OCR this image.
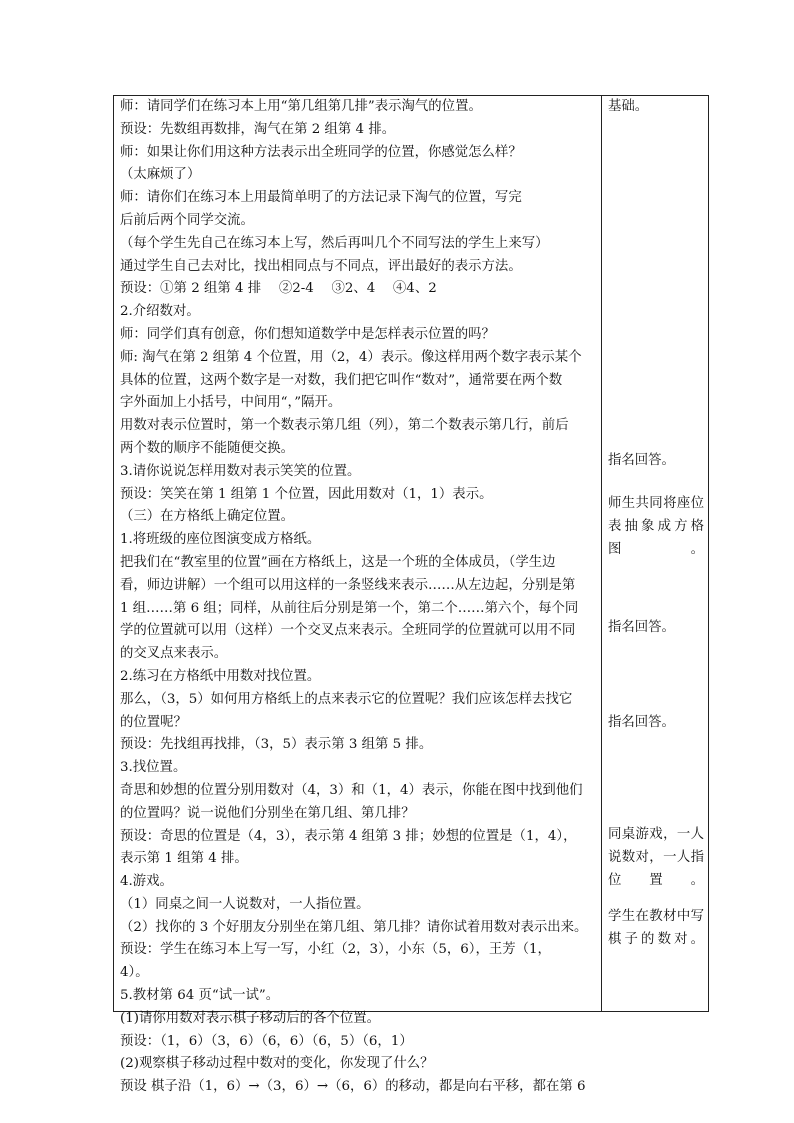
师：请同学们在练习本上用“第几组第几排”表示淘气的位置。
预设：先数组再数排，淘气在第 2 组第 4 排。
师：如果让你们用这种方法表示出全班同学的位置，你感觉怎么样？
（太麻烦了）
师：请你们在练习本上用最简单明了的方法记录下淘气的位置，写完
后前后两个同学交流。
（每个学生先自己在练习本上写，然后再叫几个不同写法的学生上来写）
通过学生自己去对比，找出相同点与不同点，评出最好的表示方法。
预设：①第 2 组第 4 排　 ②2-4　 ③2、4　 ④4、2
2.介绍数对。
师：同学们真有创意，你们想知道数学中是怎样表示位置的吗？
师: 淘气在第 2 组第 4 个位置，用（2，4）表示。像这样用两个数字表示某个
具体的位置，这两个数字是一对数，我们把它叫作“数对”，通常要在两个数
字外面加上小括号，中间用“，”隔开。
用数对表示位置时，第一个数表示第几组（列），第二个数表示第几行，前后
两个数的顺序不能随便交换。
3.请你说说怎样用数对表示笑笑的位置。
预设：笑笑在第 1 组第 1 个位置，因此用数对（1，1）表示。
（三）在方格纸上确定位置。
1.将班级的座位图演变成方格纸。
把我们在“教室里的位置”画在方格纸上，这是一个班的全体成员，（学生边
看，师边讲解）一个组可以用这样的一条竖线来表示……从左边起，分别是第
1 组……第 6 组；同样，从前往后分别是第一个，第二个……第六个，每个同
学的位置就可以用（这样）一个交叉点来表示。全班同学的位置就可以用不同
的交叉点来表示。
2.练习在方格纸中用数对找位置。
那么，（3，5）如何用方格纸上的点来表示它的位置呢？我们应该怎样去找它
的位置呢？
预设：先找组再找排，（3，5）表示第 3 组第 5 排。
3.找位置。
奇思和妙想的位置分别用数对（4，3）和（1，4）表示，你能在图中找到他们
的位置吗？说一说他们分别坐在第几组、第几排？
预设：奇思的位置是（4，3），表示第 4 组第 3 排；妙想的位置是（1，4），
表示第 1 组第 4 排。
4.游戏。
（1）同桌之间一人说数对，一人指位置。
（2）找你的 3 个好朋友分别坐在第几组、第几排？请你试着用数对表示出来。
预设：学生在练习本上写一写，小红（2，3），小东（5，6），王芳（1，
4）。
5.教材第 64 页“试一试”。
(1)请你用数对表示棋子移动后的各个位置。
预设：（1，6）（3，6）（6，6）（6，5）（6，1）
(2)观察棋子移动过程中数对的变化，你发现了什么？
预设 棋子沿（1，6）→（3，6）→（6，6）的移动，都是向右平移，都在第 6
基础。
指名回答。
师生共同将座位表抽象成方格图。
指名回答。
指名回答。
同桌游戏，一人说数对，一人指位置。
学生在教材中写棋子的数对。
